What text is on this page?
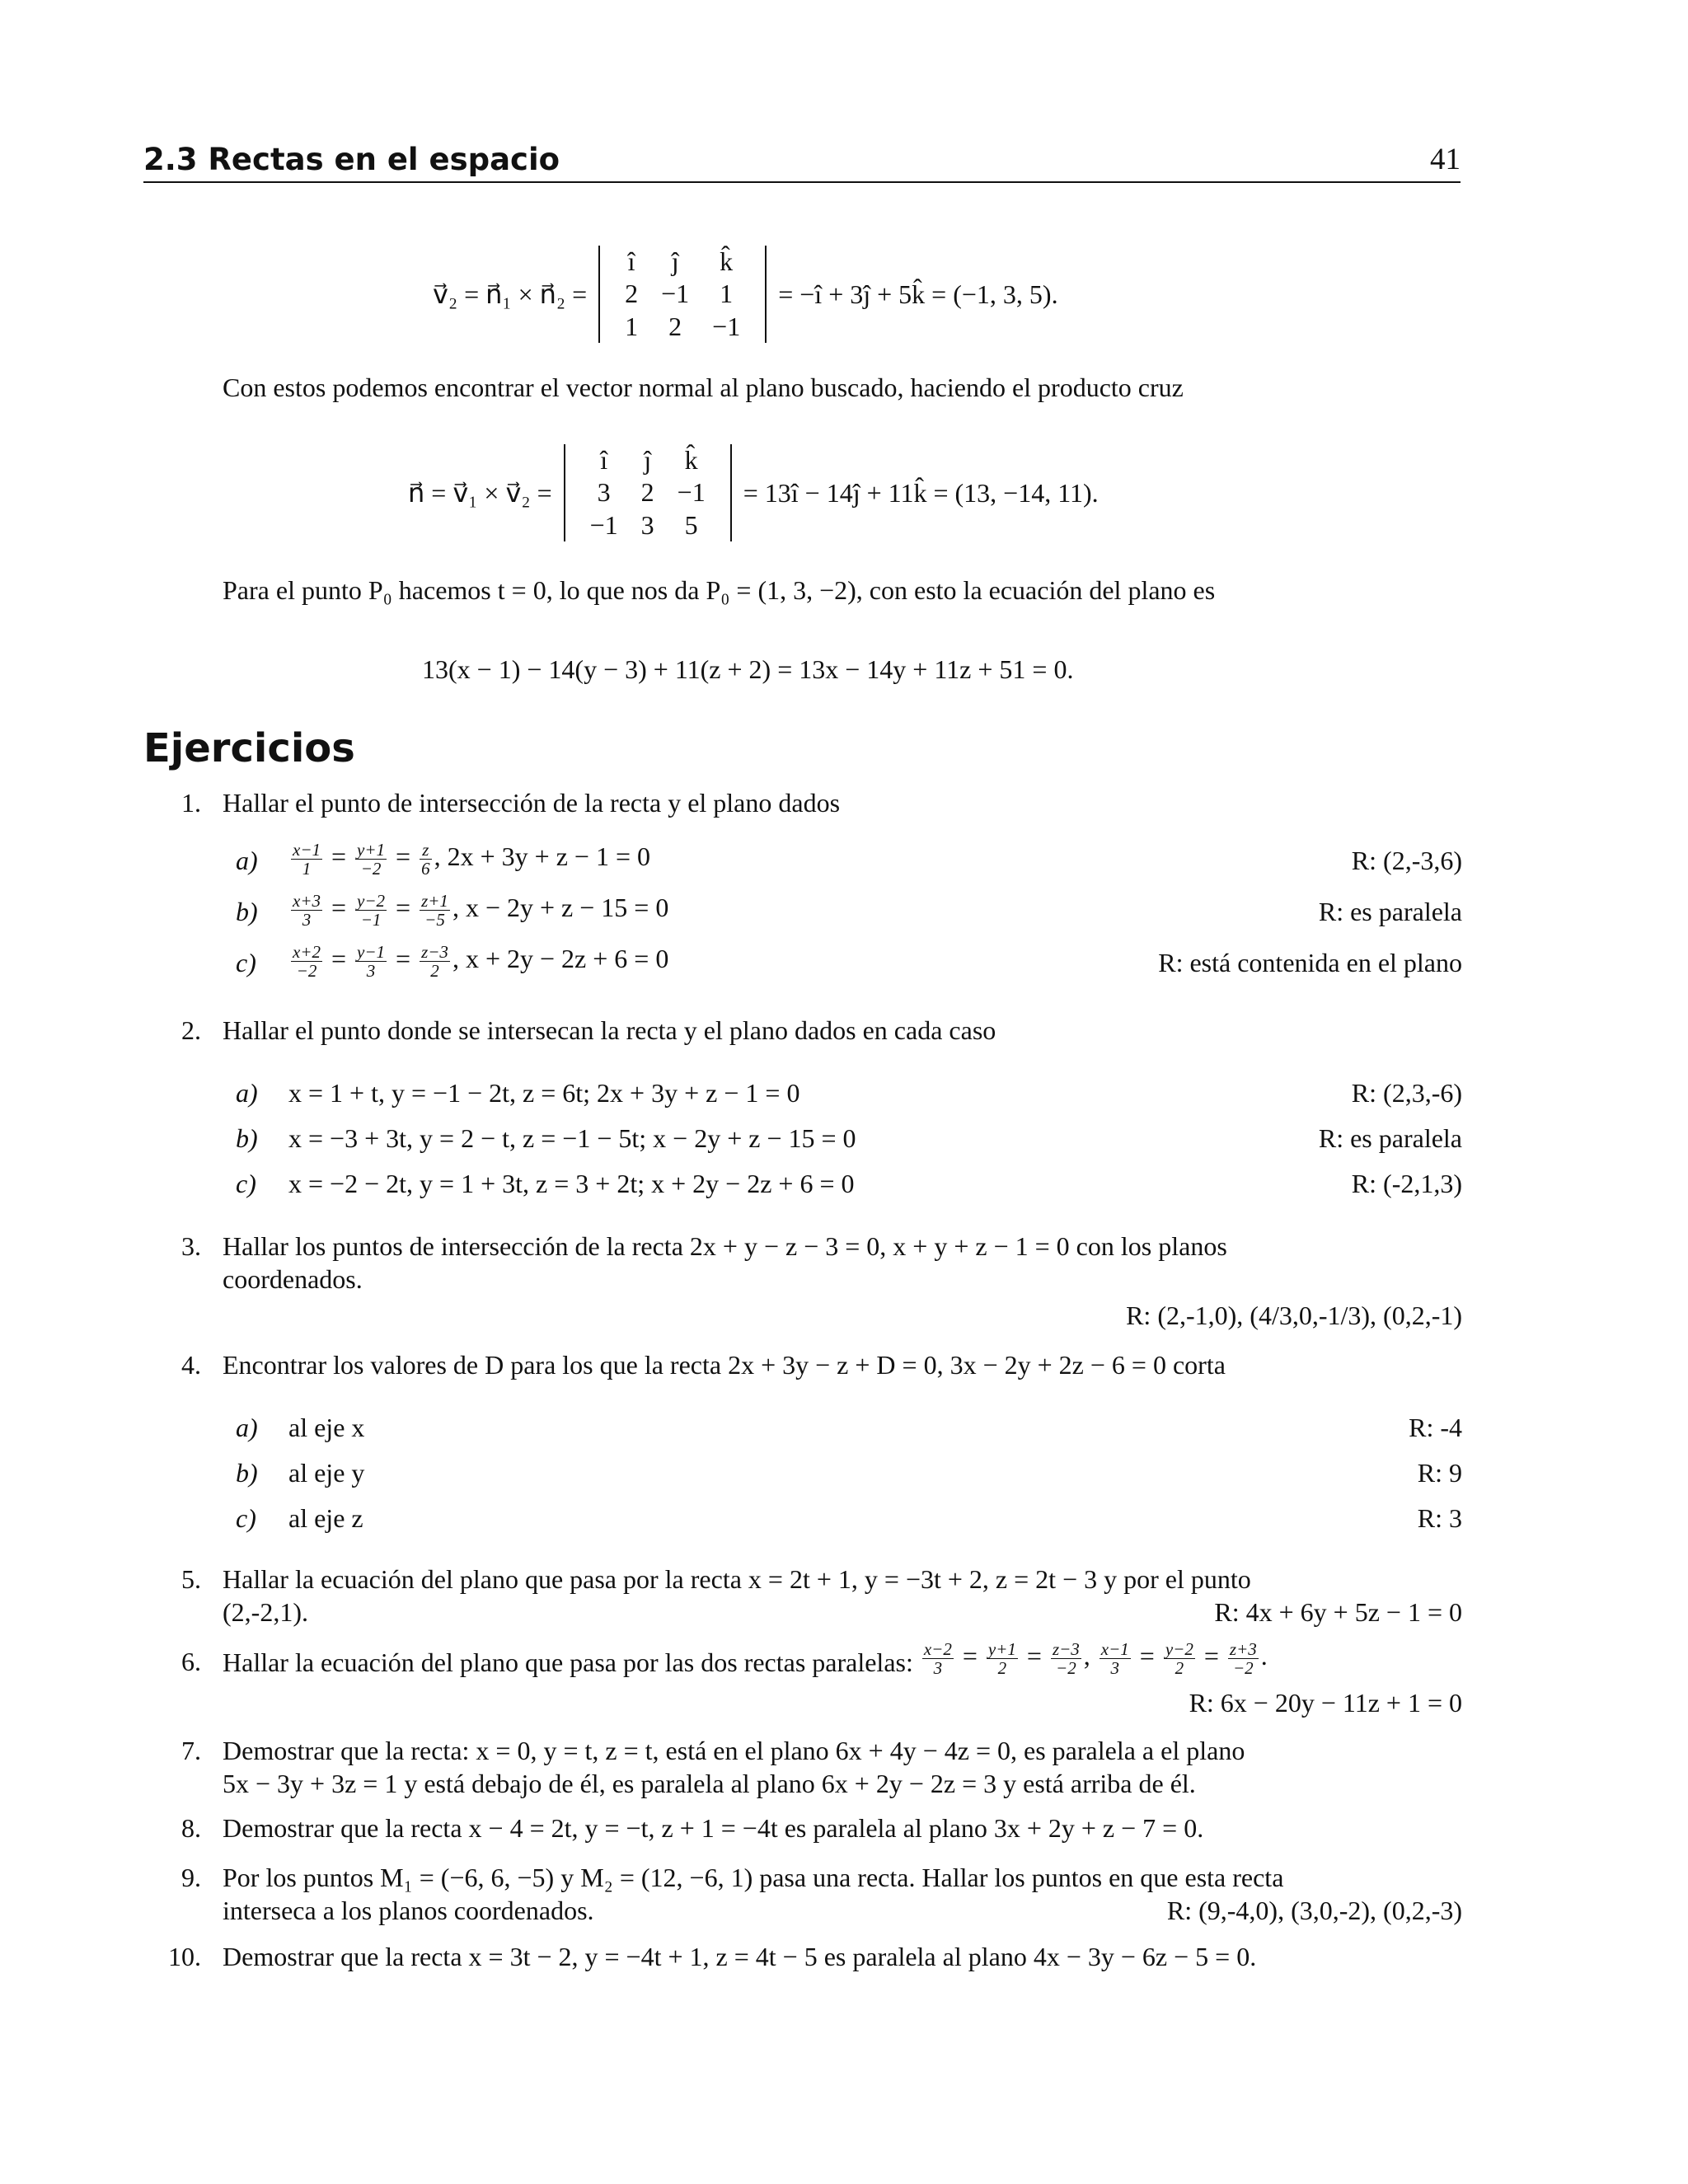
2.3 Rectas en el espacio	41
v⃗₂ = n⃗₁ × n⃗₂ =
î	ĵ	k̂
2	−1	1
1	2	−1
= −î + 3ĵ + 5k̂ = (−1, 3, 5).
Con estos podemos encontrar el vector normal al plano buscado, haciendo el producto cruz
n⃗ = v⃗₁ × v⃗₂ =
î	ĵ	k̂
3	2	−1
−1	3	5
= 13î − 14ĵ + 11k̂ = (13, −14, 11).
Para el punto P₀ hacemos t = 0, lo que nos da P₀ = (1, 3, −2), con esto la ecuación del plano es
13(x − 1) − 14(y − 3) + 11(z + 2) = 13x − 14y + 11z + 51 = 0.
Ejercicios
1. Hallar el punto de intersección de la recta y el plano dados
$a) \frac{x-1}{1} = \frac{y+1}{-2} = \frac{z}{6}$ , 2x + 3y + z − 1 = 0	R: (2,-3,6)
$b) \frac{x+3}{3} = \frac{y-2}{-1} = \frac{z+1}{-5}$ , x − 2y + z − 15 = 0	R: es paralela
$c) \frac{x+2}{-2} = \frac{y-1}{3} = \frac{z-3}{2}$ , x + 2y − 2z + 6 = 0	R: está contenida en el plano
2. Hallar el punto donde se intersecan la recta y el plano dados en cada caso
a) x = 1 + t, y = −1 − 2t, z = 6t; 2x + 3y + z − 1 = 0	R: (2,3,-6)
b) x = −3 + 3t, y = 2 − t, z = −1 − 5t; x − 2y + z − 15 = 0	R: es paralela
c) x = −2 − 2t, y = 1 + 3t, z = 3 + 2t; x + 2y − 2z + 6 = 0	R: (-2,1,3)
3. Hallar los puntos de intersección de la recta 2x + y − z − 3 = 0, x + y + z − 1 = 0 con los planos
coordenados.
R: (2,-1,0), (4/3,0,-1/3), (0,2,-1)
4. Encontrar los valores de D para los que la recta 2x + 3y − z + D = 0, 3x − 2y + 2z − 6 = 0 corta
a) al eje x	R: -4
b) al eje y	R: 9
c) al eje z	R: 3
5. Hallar la ecuación del plano que pasa por la recta x = 2t + 1, y = −3t + 2, z = 2t − 3 y por el punto
(2,-2,1).	R: 4x + 6y + 5z − 1 = 0
6. Hallar la ecuación del plano que pasa por las dos rectas paralelas: $\frac{x-2}{3} = \frac{y+1}{2} = \frac{z-3}{-2}$ , $\frac{x-1}{3} = \frac{y-2}{2} = \frac{z+3}{-2}$ .
R: 6x − 20y − 11z + 1 = 0
7. Demostrar que la recta: x = 0, y = t, z = t, está en el plano 6x + 4y − 4z = 0, es paralela a el plano
5x − 3y + 3z = 1 y está debajo de él, es paralela al plano 6x + 2y − 2z = 3 y está arriba de él.
8. Demostrar que la recta x − 4 = 2t, y = −t, z + 1 = −4t es paralela al plano 3x + 2y + z − 7 = 0.
9. Por los puntos M₁ = (−6, 6, −5) y M₂ = (12, −6, 1) pasa una recta. Hallar los puntos en que esta recta
interseca a los planos coordenados.	R: (9,-4,0), (3,0,-2), (0,2,-3)
10. Demostrar que la recta x = 3t − 2, y = −4t + 1, z = 4t − 5 es paralela al plano 4x − 3y − 6z − 5 = 0.
